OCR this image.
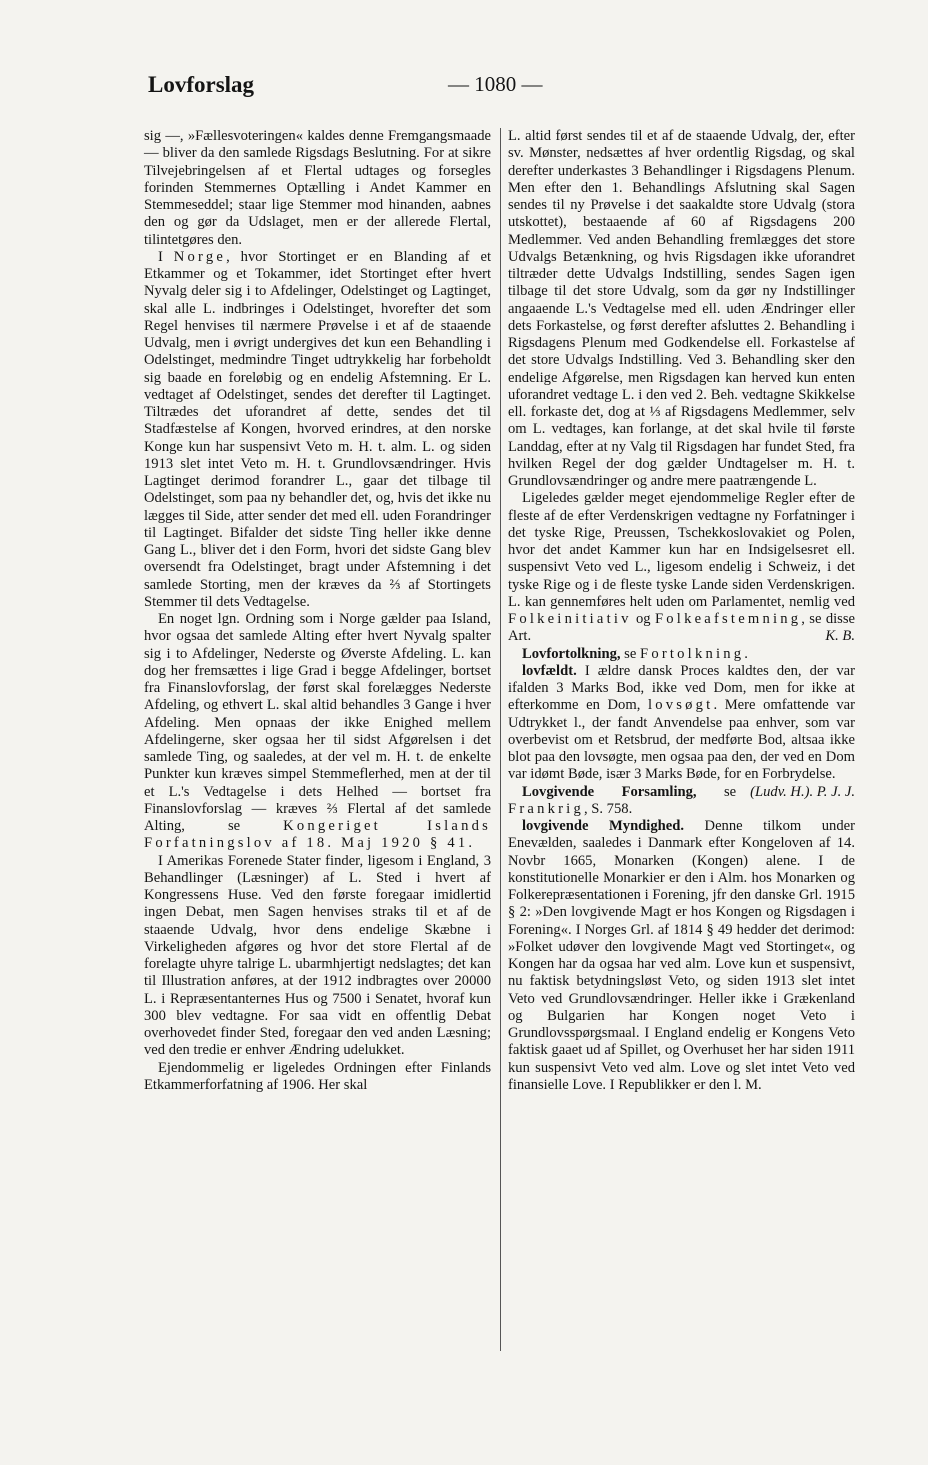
Lovforslag	— 1080 —

sig —, »Fællesvoteringen« kaldes denne Fremgangsmaade — bliver da den samlede Rigsdags Beslutning. For at sikre Tilvejebringelsen af et Flertal udtages og forsegles forinden Stemmernes Optælling i Andet Kammer en Stemmeseddel; staar lige Stemmer mod hinanden, aabnes den og gør da Udslaget, men er der allerede Flertal, tilintetgøres den.

I Norge, hvor Stortinget er en Blanding af et Etkammer og et Tokammer, idet Stortinget efter hvert Nyvalg deler sig i to Afdelinger, Odelstinget og Lagtinget, skal alle L. indbringes i Odelstinget, hvorefter det som Regel henvises til nærmere Prøvelse i et af de staaende Udvalg, men i øvrigt undergives det kun een Behandling i Odelstinget, medmindre Tinget udtrykkelig har forbeholdt sig baade en foreløbig og en endelig Afstemning. Er L. vedtaget af Odelstinget, sendes det derefter til Lagtinget. Tiltrædes det uforandret af dette, sendes det til Stadfæstelse af Kongen, hvorved erindres, at den norske Konge kun har suspensivt Veto m. H. t. alm. L. og siden 1913 slet intet Veto m. H. t. Grundlovsændringer. Hvis Lagtinget derimod forandrer L., gaar det tilbage til Odelstinget, som paa ny behandler det, og, hvis det ikke nu lægges til Side, atter sender det med ell. uden Forandringer til Lagtinget. Bifalder det sidste Ting heller ikke denne Gang L., bliver det i den Form, hvori det sidste Gang blev oversendt fra Odelstinget, bragt under Afstemning i det samlede Storting, men der kræves da ⅔ af Stortingets Stemmer til dets Vedtagelse.

En noget lgn. Ordning som i Norge gælder paa Island, hvor ogsaa det samlede Alting efter hvert Nyvalg spalter sig i to Afdelinger, Nederste og Øverste Afdeling. L. kan dog her fremsættes i lige Grad i begge Afdelinger, bortset fra Finanslovforslag, der først skal forelægges Nederste Afdeling, og ethvert L. skal altid behandles 3 Gange i hver Afdeling. Men opnaas der ikke Enighed mellem Afdelingerne, sker ogsaa her til sidst Afgørelsen i det samlede Ting, og saaledes, at der vel m. H. t. de enkelte Punkter kun kræves simpel Stemmeflerhed, men at der til et L.'s Vedtagelse i dets Helhed — bortset fra Finanslovforslag — kræves ⅔ Flertal af det samlede Alting, se Kongeriget Islands Forfatningslov af 18. Maj 1920 § 41.

I Amerikas Forenede Stater finder, ligesom i England, 3 Behandlinger (Læsninger) af L. Sted i hvert af Kongressens Huse. Ved den første foregaar imidlertid ingen Debat, men Sagen henvises straks til et af de staaende Udvalg, hvor dens endelige Skæbne i Virkeligheden afgøres og hvor det store Flertal af de forelagte uhyre talrige L. ubarmhjertigt nedslagtes; det kan til Illustration anføres, at der 1912 indbragtes over 20000 L. i Repræsentanternes Hus og 7500 i Senatet, hvoraf kun 300 blev vedtagne. For saa vidt en offentlig Debat overhovedet finder Sted, foregaar den ved anden Læsning; ved den tredie er enhver Ændring udelukket.

Ejendommelig er ligeledes Ordningen efter Finlands Etkammerforfatning af 1906. Her skal

L. altid først sendes til et af de staaende Udvalg, der, efter sv. Mønster, nedsættes af hver ordentlig Rigsdag, og skal derefter underkastes 3 Behandlinger i Rigsdagens Plenum. Men efter den 1. Behandlings Afslutning skal Sagen sendes til ny Prøvelse i det saakaldte store Udvalg (stora utskottet), bestaaende af 60 af Rigsdagens 200 Medlemmer. Ved anden Behandling fremlægges det store Udvalgs Betænkning, og hvis Rigsdagen ikke uforandret tiltræder dette Udvalgs Indstilling, sendes Sagen igen tilbage til det store Udvalg, som da gør ny Indstillinger angaaende L.'s Vedtagelse med ell. uden Ændringer eller dets Forkastelse, og først derefter afsluttes 2. Behandling i Rigsdagens Plenum med Godkendelse ell. Forkastelse af det store Udvalgs Indstilling. Ved 3. Behandling sker den endelige Afgørelse, men Rigsdagen kan herved kun enten uforandret vedtage L. i den ved 2. Beh. vedtagne Skikkelse ell. forkaste det, dog at ⅓ af Rigsdagens Medlemmer, selv om L. vedtages, kan forlange, at det skal hvile til første Landdag, efter at ny Valg til Rigsdagen har fundet Sted, fra hvilken Regel der dog gælder Undtagelser m. H. t. Grundlovsændringer og andre mere paatrængende L.

Ligeledes gælder meget ejendommelige Regler efter de fleste af de efter Verdenskrigen vedtagne ny Forfatninger i det tyske Rige, Preussen, Tschekkoslovakiet og Polen, hvor det andet Kammer kun har en Indsigelsesret ell. suspensivt Veto ved L., ligesom endelig i Schweiz, i det tyske Rige og i de fleste tyske Lande siden Verdenskrigen. L. kan gennemføres helt uden om Parlamentet, nemlig ved Folkeinitiativ og Folkeafstemning, se disse Art.	K. B.

Lovfortolkning, se Fortolkning.

lovfældt. I ældre dansk Proces kaldtes den, der var ifalden 3 Marks Bod, ikke ved Dom, men for ikke at efterkomme en Dom, lovsøgt. Mere omfattende var Udtrykket l., der fandt Anvendelse paa enhver, som var overbevist om et Retsbrud, der medførte Bod, altsaa ikke blot paa den lovsøgte, men ogsaa paa den, der ved en Dom var idømt Bøde, især 3 Marks Bøde, for en Forbrydelse.
(Ludv. H.). P. J. J.

Lovgivende Forsamling, se Frankrig, S. 758.

lovgivende Myndighed. Denne tilkom under Enevælden, saaledes i Danmark efter Kongeloven af 14. Novbr 1665, Monarken (Kongen) alene. I de konstitutionelle Monarkier er den i Alm. hos Monarken og Folkerepræsentationen i Forening, jfr den danske Grl. 1915 § 2: »Den lovgivende Magt er hos Kongen og Rigsdagen i Forening«. I Norges Grl. af 1814 § 49 hedder det derimod: »Folket udøver den lovgivende Magt ved Stortinget«, og Kongen har da ogsaa har ved alm. Love kun et suspensivt, nu faktisk betydningsløst Veto, og siden 1913 slet intet Veto ved Grundlovsændringer. Heller ikke i Grækenland og Bulgarien har Kongen noget Veto i Grundlovsspørgsmaal. I England endelig er Kongens Veto faktisk gaaet ud af Spillet, og Overhuset her har siden 1911 kun suspensivt Veto ved alm. Love og slet intet Veto ved finansielle Love. I Republikker er den l. M.
